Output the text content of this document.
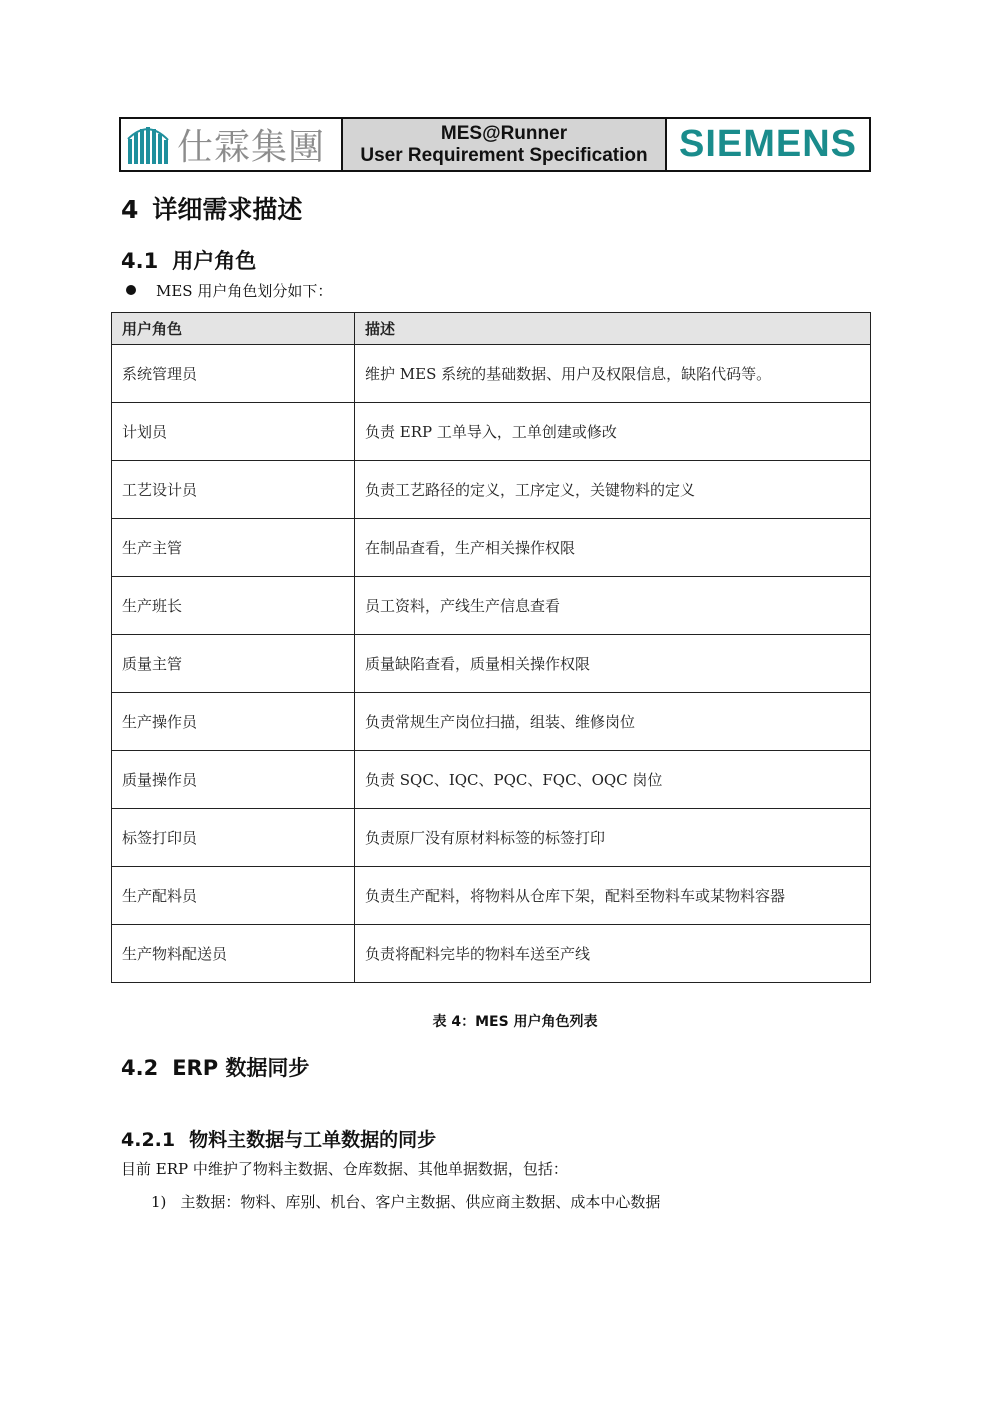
仕霖集團	MES@Runner
User Requirement Specification SIEMENS
4 详细需求描述
4.1 用户角色
MES 用户角色划分如下：
用户角色	描述
系统管理员	维护 MES 系统的基础数据、用户及权限信息，缺陷代码等。
计划员	负责 ERP 工单导入，工单创建或修改
工艺设计员	负责工艺路径的定义，工序定义，关键物料的定义
生产主管	在制品查看，生产相关操作权限
生产班长	员工资料，产线生产信息查看
质量主管	质量缺陷查看，质量相关操作权限
生产操作员	负责常规生产岗位扫描，组装、维修岗位
质量操作员	负责 SQC、IQC、PQC、FQC、OQC 岗位
标签打印员	负责原厂没有原材料标签的标签打印
生产配料员	负责生产配料，将物料从仓库下架，配料至物料车或某物料容器
生产物料配送员	负责将配料完毕的物料车送至产线
表 4：MES 用户角色列表
4.2 ERP 数据同步
4.2.1 物料主数据与工单数据的同步
目前 ERP 中维护了物料主数据、仓库数据、其他单据数据，包括：
1) 主数据：物料、库别、机台、客户主数据、供应商主数据、成本中心数据
